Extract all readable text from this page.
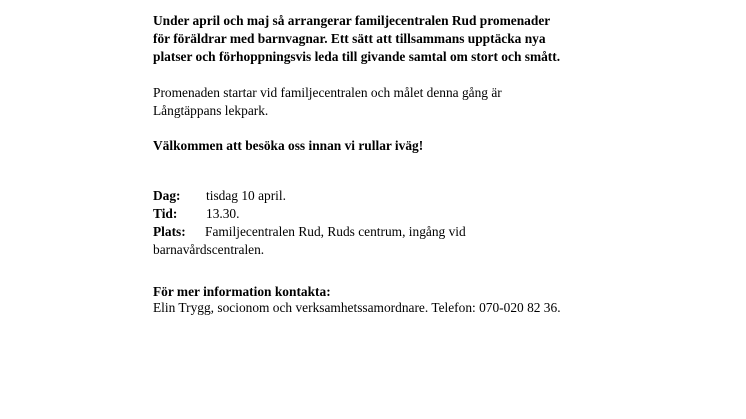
Under april och maj så arrangerar familjecentralen Rud promenader
för föräldrar med barnvagnar. Ett sätt att tillsammans upptäcka nya
platser och förhoppningsvis leda till givande samtal om stort och smått.

Promenaden startar vid familjecentralen och målet denna gång är
Långtäppans lekpark.

Välkommen att besöka oss innan vi rullar iväg!

Dag: tisdag 10 april.
Tid: 13.30.
Plats: Familjecentralen Rud, Ruds centrum, ingång vid
barnavårdscentralen.
För mer information kontakta:
Elin Trygg, socionom och verksamhetssamordnare. Telefon: 070-020 82 36.
